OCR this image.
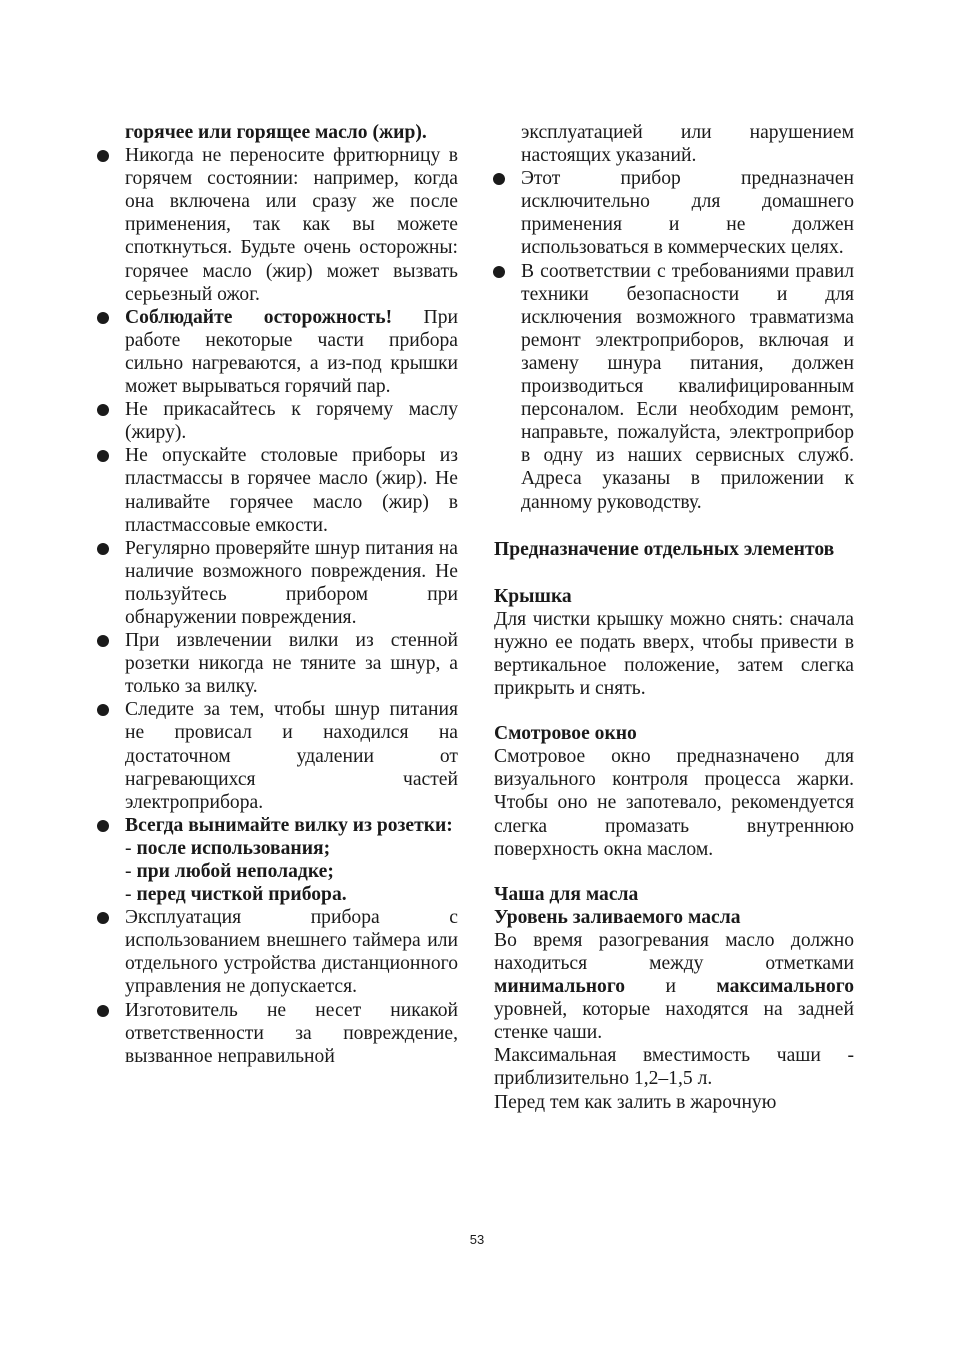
горячее или горящее масло (жир).

Никогда не переносите фритюрницу в горячем состоянии: например, когда она включена или сразу же после применения, так как вы можете споткнуться. Будьте очень осторожны: горячее масло (жир) может вызвать серьезный ожог.

Соблюдайте осторожность! При работе некоторые части прибора сильно нагреваются, а из-под крышки может вырываться горячий пар.

Не прикасайтесь к горячему маслу (жиру).

Не опускайте столовые приборы из пластмассы в горячее масло (жир). Не наливайте горячее масло (жир) в пластмассовые емкости.

Регулярно проверяйте шнур питания на наличие возможного повреждения. Не пользуйтесь прибором при обнаружении повреждения.

При извлечении вилки из стенной розетки никогда не тяните за шнур, а только за вилку.

Следите за тем, чтобы шнур питания не провисал и находился на достаточном удалении от нагревающихся частей электроприбора.

Всегда вынимайте вилку из розетки:

- после использования;

- при любой неполадке;

- перед чисткой прибора.

Эксплуатация прибора с использованием внешнего таймера или отдельного устройства дистанционного управления не допускается.

Изготовитель не несет никакой ответственности за повреждение, вызванное неправильной

эксплуатацией или нарушением настоящих указаний.

Этот прибор предназначен исключительно для домашнего применения и не должен использоваться в коммерческих целях.

В соответствии с требованиями правил техники безопасности и для исключения возможного травматизма ремонт электроприборов, включая и замену шнура питания, должен производиться квалифицированным персоналом. Если необходим ремонт, направьте, пожалуйста, электроприбор в одну из наших сервисных служб. Адреса указаны в приложении к данному руководству.

Предназначение отдельных элементов

Крышка

Для чистки крышку можно снять: сначала нужно ее подать вверх, чтобы привести в вертикальное положение, затем слегка прикрыть и снять.

Смотровое окно

Смотровое окно предназначено для визуального контроля процесса жарки. Чтобы оно не запотевало, рекомендуется слегка промазать внутреннюю поверхность окна маслом.

Чаша для масла

Уровень заливаемого масла

Во время разогревания масло должно находиться между отметками минимального и максимального уровней, которые находятся на задней стенке чаши.

Максимальная вместимость чаши - приблизительно 1,2–1,5 л.

Перед тем как залить в жарочную

53
